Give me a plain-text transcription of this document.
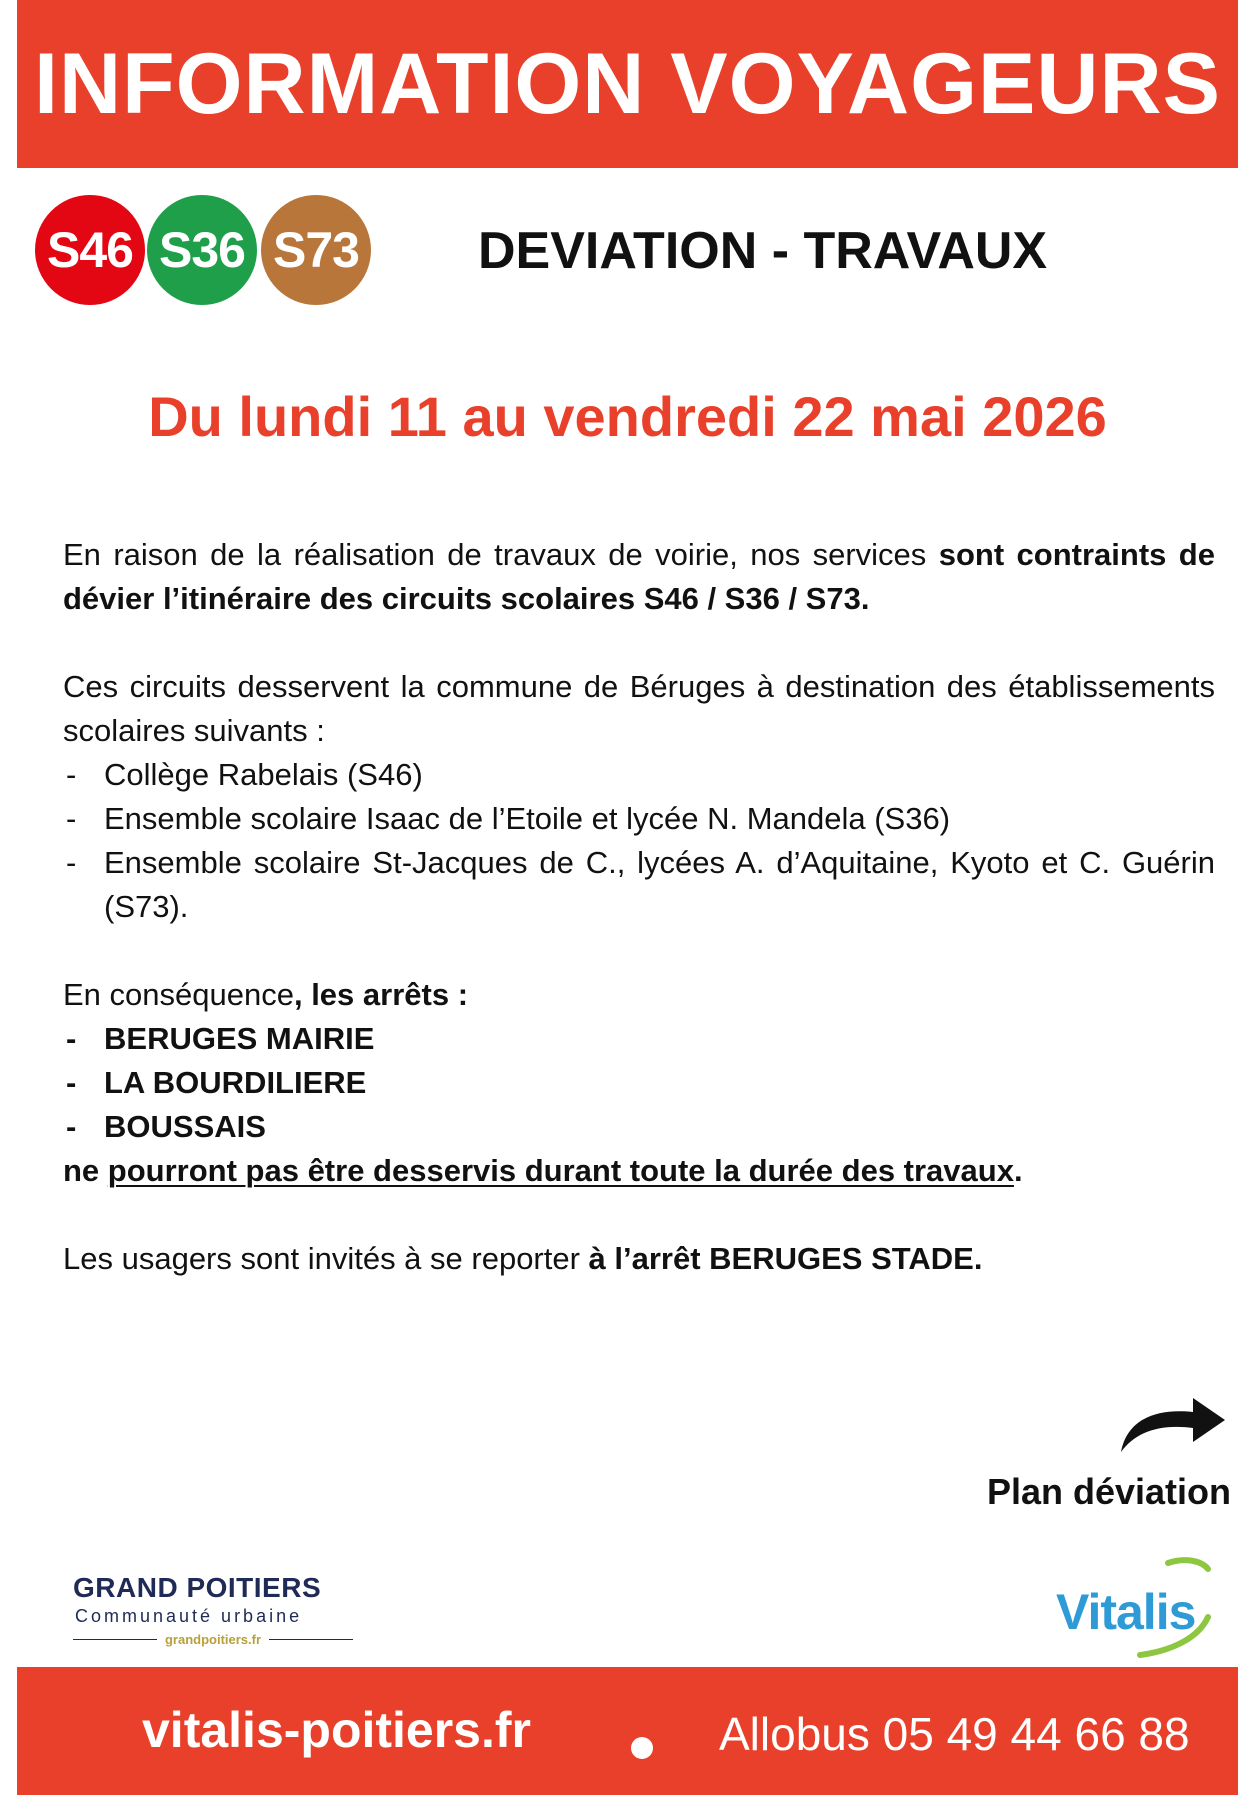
INFORMATION VOYAGEURS
S46 S36 S73 DEVIATION - TRAVAUX

Du lundi 11 au vendredi 22 mai 2026

En raison de la réalisation de travaux de voirie, nos services sont contraints de dévier l’itinéraire des circuits scolaires S46 / S36 / S73.

Ces circuits desservent la commune de Béruges à destination des établissements scolaires suivants :

- Collège Rabelais (S46)
- Ensemble scolaire Isaac de l’Etoile et lycée N. Mandela (S36)
- Ensemble scolaire St-Jacques de C., lycées A. d’Aquitaine, Kyoto et C. Guérin (S73).

En conséquence, les arrêts :

- BERUGES MAIRIE
- LA BOURDILIERE
- BOUSSAIS

ne pourront pas être desservis durant toute la durée des travaux.

Les usagers sont invités à se reporter à l’arrêt BERUGES STADE.

Plan déviation

GRAND POITIERS
Communauté urbaine
grandpoitiers.fr	Vitalis
vitalis-poitiers.fr	Allobus 05 49 44 66 88
